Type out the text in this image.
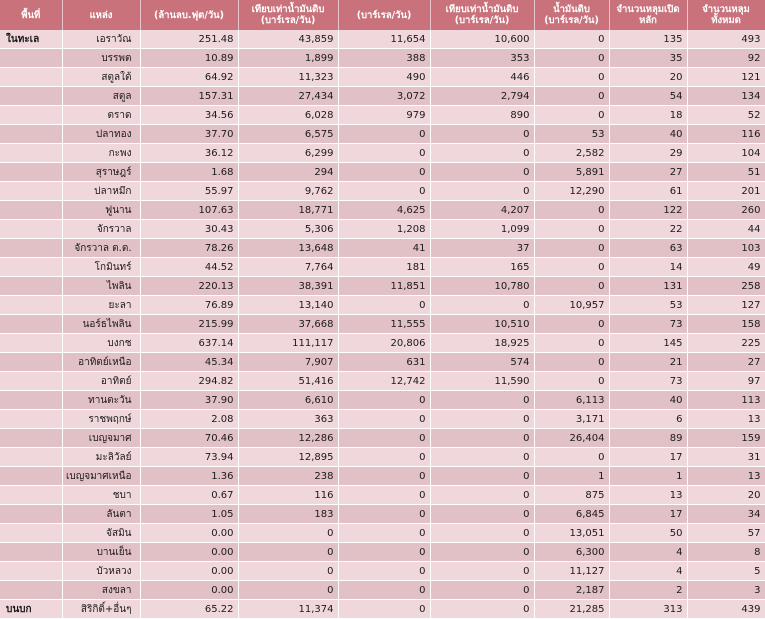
พื้นที่	แหล่ง	(ล้านลบ.ฟุต/วัน)	เทียบเท่าน้ำมันดิบ (บาร์เรล/วัน)	(บาร์เรล/วัน)	เทียบเท่าน้ำมันดิบ (บาร์เรล/วัน)	น้ำมันดิบ (บาร์เรล/วัน)	จำนวนหลุมเปิดหลัก	จำนวนหลุมทั้งหมด
ในทะเล	เอราวัณ	251.48	43,859	11,654	10,600	0	135	493
	บรรพต	10.89	1,899	388	353	0	35	92
	สตูลใต้	64.92	11,323	490	446	0	20	121
	สตูล	157.31	27,434	3,072	2,794	0	54	134
	ตราด	34.56	6,028	979	890	0	18	52
	ปลาทอง	37.70	6,575	0	0	53	40	116
	กะพง	36.12	6,299	0	0	2,582	29	104
	สุราษฎร์	1.68	294	0	0	5,891	27	51
	ปลาหมึก	55.97	9,762	0	0	12,290	61	201
	ฟูนาน	107.63	18,771	4,625	4,207	0	122	260
	จักรวาล	30.43	5,306	1,208	1,099	0	22	44
	จักรวาล ต.ต.	78.26	13,648	41	37	0	63	103
	โกมินทร์	44.52	7,764	181	165	0	14	49
	ไพลิน	220.13	38,391	11,851	10,780	0	131	258
	ยะลา	76.89	13,140	0	0	10,957	53	127
	นอร์ธไพลิน	215.99	37,668	11,555	10,510	0	73	158
	บงกช	637.14	111,117	20,806	18,925	0	145	225
	อาทิตย์เหนือ	45.34	7,907	631	574	0	21	27
	อาทิตย์	294.82	51,416	12,742	11,590	0	73	97
	ทานตะวัน	37.90	6,610	0	0	6,113	40	113
	ราชพฤกษ์	2.08	363	0	0	3,171	6	13
	เบญจมาศ	70.46	12,286	0	0	26,404	89	159
	มะลิวัลย์	73.94	12,895	0	0	0	17	31
	เบญจมาศเหนือ	1.36	238	0	0	1	1	13
	ชบา	0.67	116	0	0	875	13	20
	ลันตา	1.05	183	0	0	6,845	17	34
	จัสมิน	0.00	0	0	0	13,051	50	57
	บานเย็น	0.00	0	0	0	6,300	4	8
	บัวหลวง	0.00	0	0	0	11,127	4	5
	สงขลา	0.00	0	0	0	2,187	2	3
บนบก	สิริกิติ์+อื่นๆ	65.22	11,374	0	0	21,285	313	439
